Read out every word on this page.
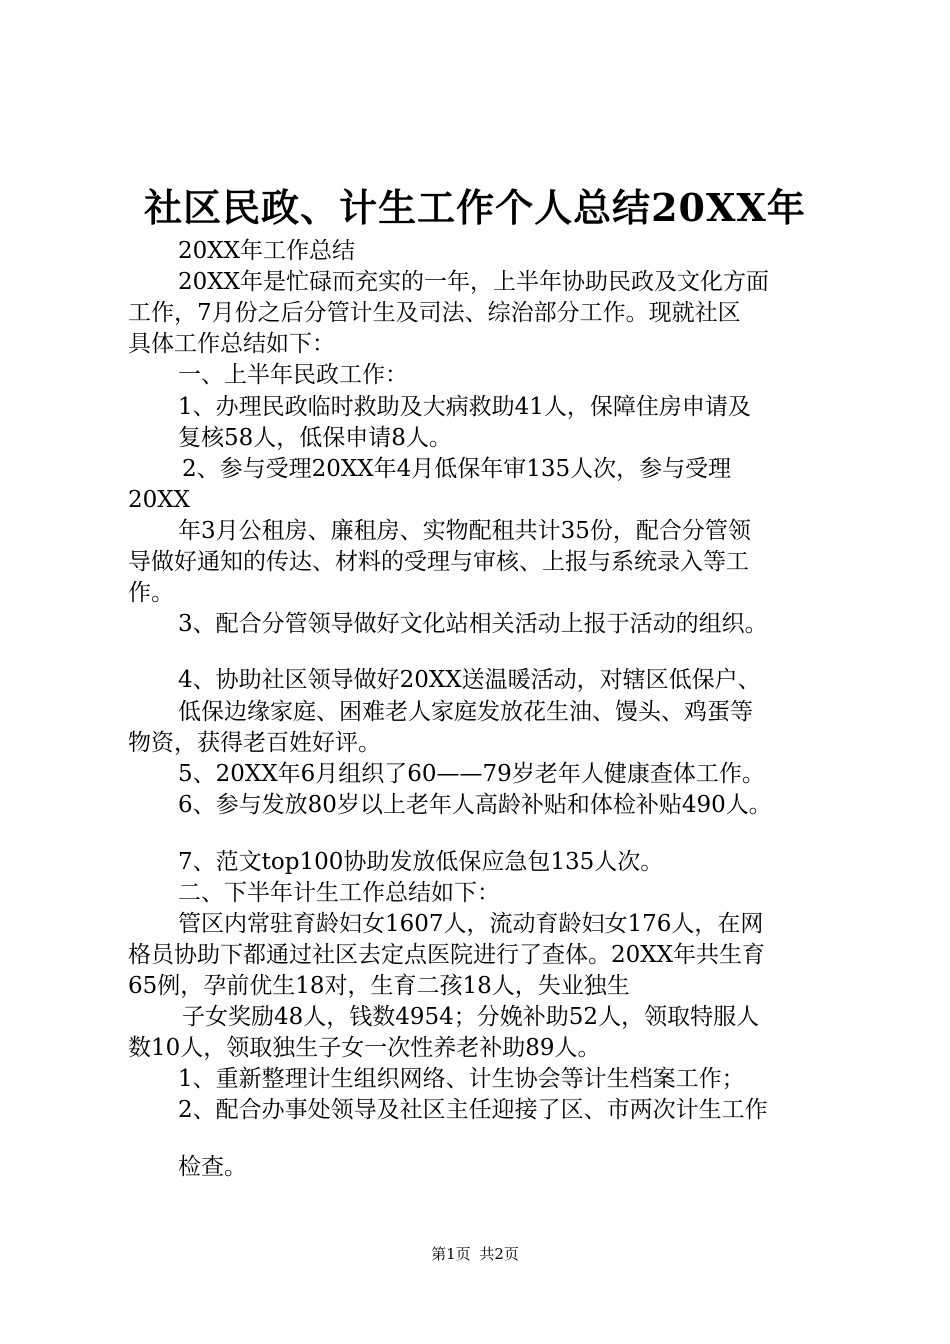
社区民政、计生工作个人总结20XX年
20XX年工作总结
20XX年是忙碌而充实的一年，上半年协助民政及文化方面
工作，7月份之后分管计生及司法、综治部分工作。现就社区
具体工作总结如下：
一、上半年民政工作：
1、办理民政临时救助及大病救助41人，保障住房申请及
复核58人，低保申请8人。
2、参与受理20XX年4月低保年审135人次，参与受理
20XX
年3月公租房、廉租房、实物配租共计35份，配合分管领
导做好通知的传达、材料的受理与审核、上报与系统录入等工
作。
3、配合分管领导做好文化站相关活动上报于活动的组织。
4、协助社区领导做好20XX送温暖活动，对辖区低保户、
低保边缘家庭、困难老人家庭发放花生油、馒头、鸡蛋等
物资，获得老百姓好评。
5、20XX年6月组织了60——79岁老年人健康查体工作。
6、参与发放80岁以上老年人高龄补贴和体检补贴490人。
7、范文top100协助发放低保应急包135人次。
二、下半年计生工作总结如下：
管区内常驻育龄妇女1607人，流动育龄妇女176人，在网
格员协助下都通过社区去定点医院进行了查体。20XX年共生育
65例，孕前优生18对，生育二孩18人，失业独生
子女奖励48人，钱数4954；分娩补助52人，领取特服人
数10人，领取独生子女一次性养老补助89人。
1、重新整理计生组织网络、计生协会等计生档案工作；
2、配合办事处领导及社区主任迎接了区、市两次计生工作
检查。
第1页 共2页
